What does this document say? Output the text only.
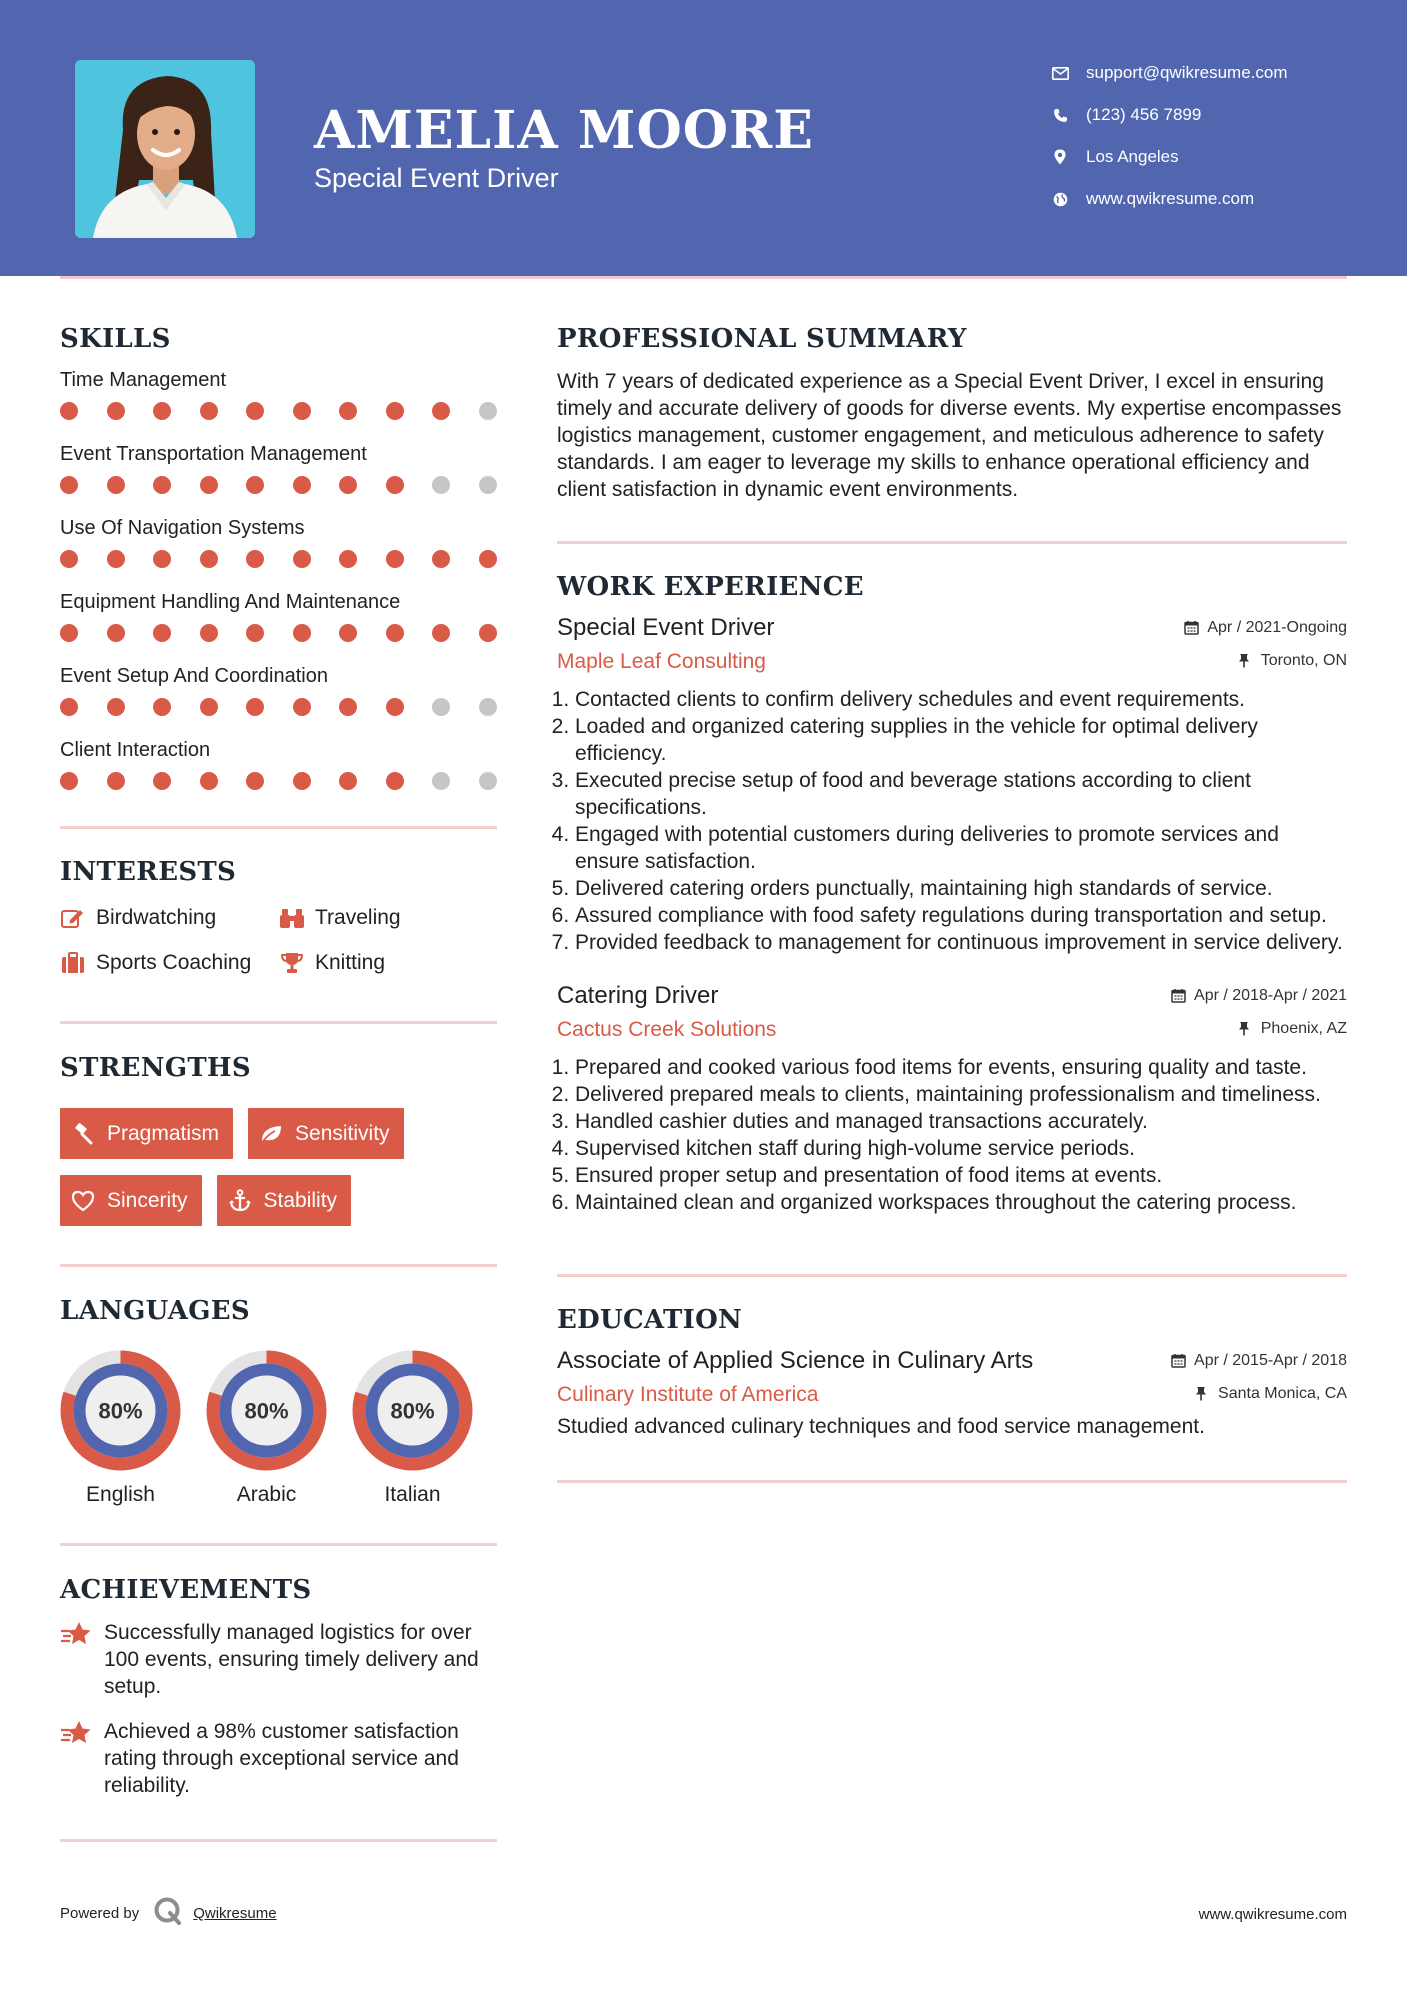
AMELIA MOORE

Special Event Driver

support@qwikresume.com
(123) 456 7899
Los Angeles
www.qwikresume.com
SKILLS

Time Management

Event Transportation Management

Use Of Navigation Systems

Equipment Handling And Maintenance

Event Setup And Coordination

Client Interaction

INTERESTS
Birdwatching	Traveling
Sports Coaching	Knitting
STRENGTHS
Pragmatism	Sensitivity
Sincerity	Stability
LANGUAGES
80%
English
80%
Arabic
80%
Italian
ACHIEVEMENTS
Successfully managed logistics for over 100 events, ensuring timely delivery and setup.
Achieved a 98% customer satisfaction rating through exceptional service and reliability.
PROFESSIONAL SUMMARY

With 7 years of dedicated experience as a Special Event Driver, I excel in ensuring timely and accurate delivery of goods for diverse events. My expertise encompasses logistics management, customer engagement, and meticulous adherence to safety standards. I am eager to leverage my skills to enhance operational efficiency and client satisfaction in dynamic event environments.

WORK EXPERIENCE

Special Event Driver	Apr / 2021-Ongoing

Maple Leaf Consulting	Toronto, ON
1. Contacted clients to confirm delivery schedules and event requirements.
2. Loaded and organized catering supplies in the vehicle for optimal delivery efficiency.
3. Executed precise setup of food and beverage stations according to client specifications.
4. Engaged with potential customers during deliveries to promote services and ensure satisfaction.
5. Delivered catering orders punctually, maintaining high standards of service.
6. Assured compliance with food safety regulations during transportation and setup.
7. Provided feedback to management for continuous improvement in service delivery.

Catering Driver	Apr / 2018-Apr / 2021

Cactus Creek Solutions	Phoenix, AZ
1. Prepared and cooked various food items for events, ensuring quality and taste.
2. Delivered prepared meals to clients, maintaining professionalism and timeliness.
3. Handled cashier duties and managed transactions accurately.
4. Supervised kitchen staff during high-volume service periods.
5. Ensured proper setup and presentation of food items at events.
6. Maintained clean and organized workspaces throughout the catering process.
EDUCATION

Associate of Applied Science in Culinary Arts	Apr / 2015-Apr / 2018

Culinary Institute of America	Santa Monica, CA

Studied advanced culinary techniques and food service management.

Powered by	Qwikresume	www.qwikresume.com
